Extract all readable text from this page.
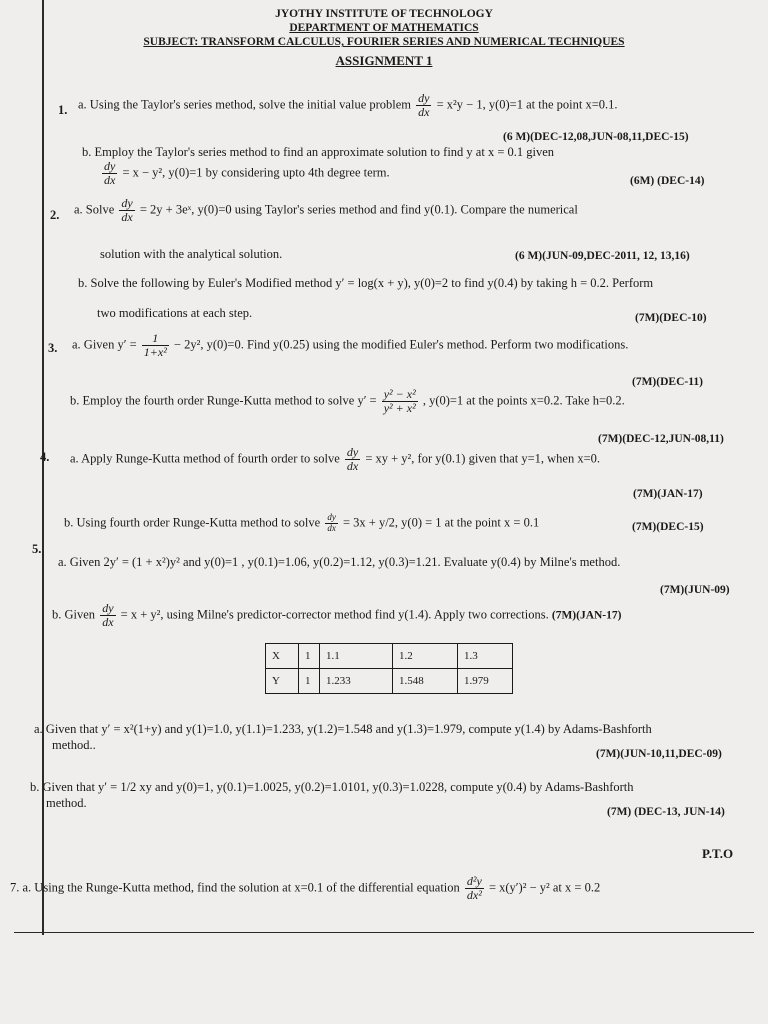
JYOTHY INSTITUTE OF TECHNOLOGY
DEPARTMENT OF MATHEMATICS
SUBJECT: TRANSFORM CALCULUS, FOURIER SERIES AND NUMERICAL TECHNIQUES
ASSIGNMENT 1
1. a. Using the Taylor's series method, solve the initial value problem $\frac{dy}{dx} = x^2y - 1$, y(0)=1 at the point x=0.1.
(6 M)(DEC-12,08,JUN-08,11,DEC-15)
b. Employ the Taylor's series method to find an approximate solution to find y at x = 0.1 given
$\frac{dy}{dx} = x - y^2$, y(0)=1 by considering upto 4th degree term.
(6M) (DEC-14)
2. a. Solve $\frac{dy}{dx} = 2y$ + 3eˣ, y(0)=0 using Taylor's series method and find y(0.1). Compare the numerical
solution with the analytical solution.	(6 M)(JUN-09,DEC-2011, 12, 13,16)
b. Solve the following by Euler's Modified method y′ = log(x + y), y(0)=2 to find y(0.4) by taking h = 0.2. Perform
two modifications at each step.	(7M)(DEC-10)
3. a. Given $y' = \frac{1}{\text{1+x²}} - 2y^2$, y(0)=0. Find y(0.25) using the modified Euler's method. Perform two modifications.
(7M)(DEC-11)
b. Employ the fourth order Runge-Kutta method to solve $y' = \frac{\text{y² − x²}}{\text{y² + x²}}$ , y(0)=1 at the points x=0.2. Take h=0.2.
(7M)(DEC-12,JUN-08,11)
4. a. Apply Runge-Kutta method of fourth order to solve $\frac{dy}{dx}$ = xy + y², for y(0.1) given that y=1, when x=0.
(7M)(JAN-17)
b. Using fourth order Runge-Kutta method to solve $\frac{dy}{dx} = 3x + y/2$, y(0) = 1 at the point x = 0.1	(7M)(DEC-15)
5.
a. Given 2y′ = (1 + x²)y² and y(0)=1 , y(0.1)=1.06, y(0.2)=1.12, y(0.3)=1.21. Evaluate y(0.4) by Milne's method.
(7M)(JUN-09)
b. Given $\frac{dy}{dx} = x + y^2$, using Milne's predictor-corrector method find y(1.4). Apply two corrections. (7M)(JAN-17)
X	1	1.1	1.2	1.3
Y	1	1.233	1.548	1.979
a. Given that y′ = x²(1+y) and y(1)=1.0, y(1.1)=1.233, y(1.2)=1.548 and y(1.3)=1.979, compute y(1.4) by Adams-Bashforth
method..
(7M)(JUN-10,11,DEC-09)
b. Given that y′ = 1/2 xy and y(0)=1, y(0.1)=1.0025, y(0.2)=1.0101, y(0.3)=1.0228, compute y(0.4) by Adams-Bashforth
method.
(7M) (DEC-13, JUN-14)
P.T.O
7. a. Using the Runge-Kutta method, find the solution at x=0.1 of the differential equation $\frac{\text{d²y}}{\text{dx²}} = x(y')^2 - y^2$ at x = 0.2
